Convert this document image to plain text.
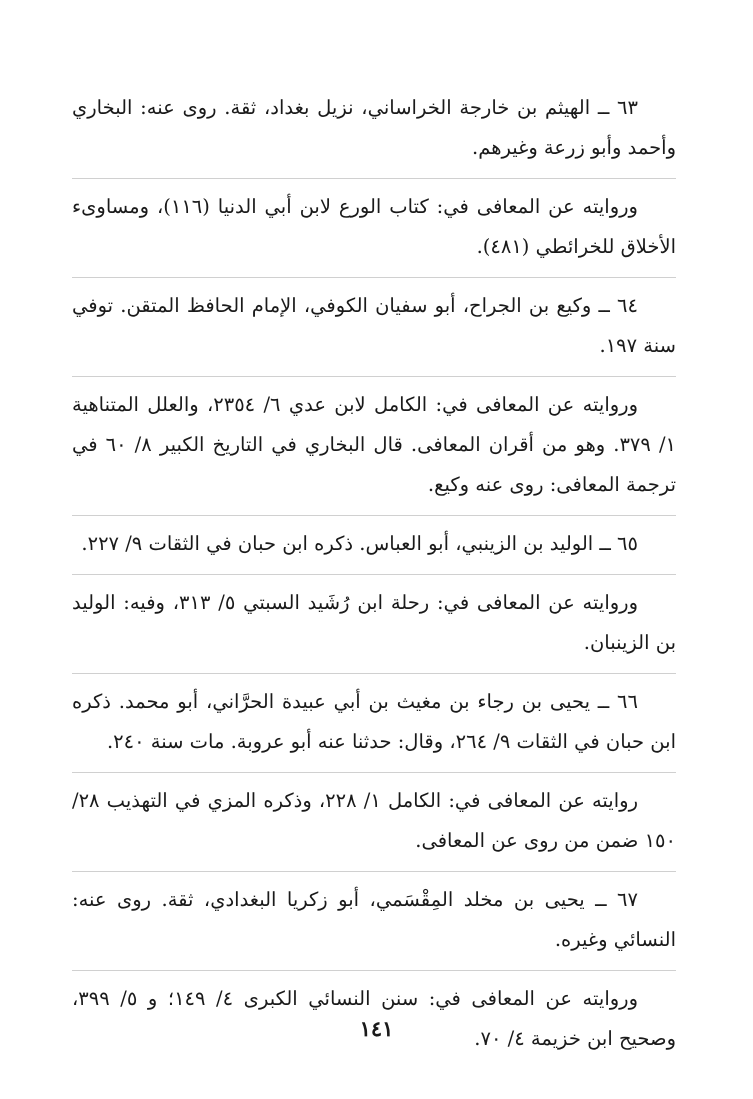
٦٣ ــ الهيثم بن خارجة الخراساني، نزيل بغداد، ثقة. روى عنه: البخاري وأحمد وأبو زرعة وغيرهم.

وروايته عن المعافى في: كتاب الورع لابن أبي الدنيا (١١٦)، ومساوىء الأخلاق للخرائطي (٤٨١).

٦٤ ــ وكيع بن الجراح، أبو سفيان الكوفي، الإمام الحافظ المتقن. توفي سنة ١٩٧.

وروايته عن المعافى في: الكامل لابن عدي ٦/ ٢٣٥٤، والعلل المتناهية ١/ ٣٧٩. وهو من أقران المعافى. قال البخاري في التاريخ الكبير ٨/ ٦٠ في ترجمة المعافى: روى عنه وكيع.

٦٥ ــ الوليد بن الزينبي، أبو العباس. ذكره ابن حبان في الثقات ٩/ ٢٢٧.

وروايته عن المعافى في: رحلة ابن رُشَيد السبتي ٥/ ٣١٣، وفيه: الوليد بن الزينبان.

٦٦ ــ يحيى بن رجاء بن مغيث بن أبي عبيدة الحرَّاني، أبو محمد. ذكره ابن حبان في الثقات ٩/ ٢٦٤، وقال: حدثنا عنه أبو عروبة. مات سنة ٢٤٠.

روايته عن المعافى في: الكامل ١/ ٢٢٨، وذكره المزي في التهذيب ٢٨/ ١٥٠ ضمن من روى عن المعافى.

٦٧ ــ يحيى بن مخلد المِقْسَمي، أبو زكريا البغدادي، ثقة. روى عنه: النسائي وغيره.

وروايته عن المعافى في: سنن النسائي الكبرى ٤/ ١٤٩؛ و ٥/ ٣٩٩، وصحيح ابن خزيمة ٤/ ٧٠.

١٤١
